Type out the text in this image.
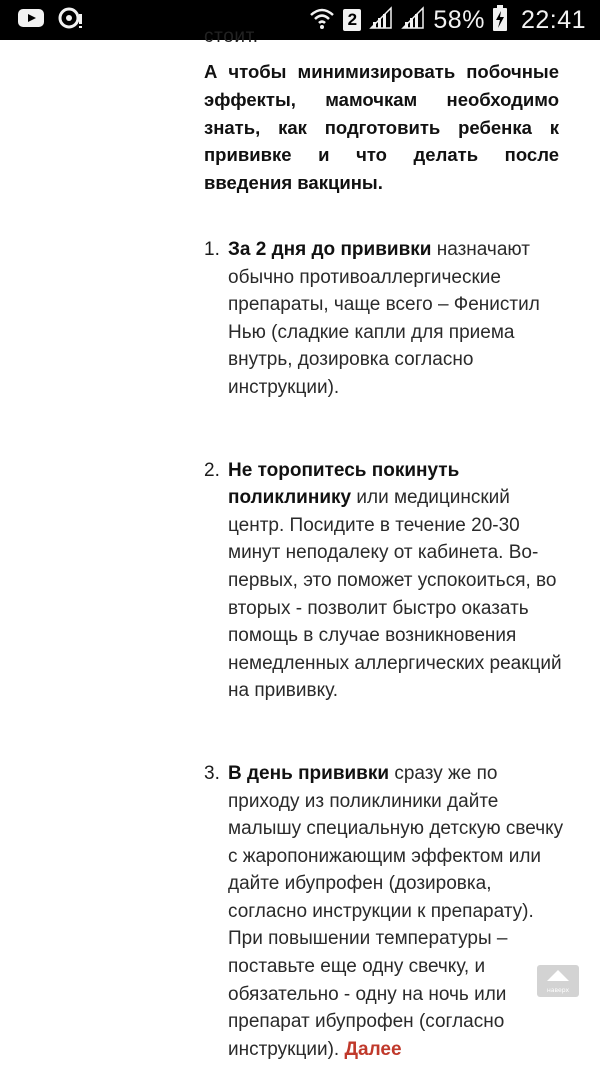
2	58% 22:41
стоит.

А чтобы минимизировать побочные эффекты, мамочкам необходимо знать, как подготовить ребенка к прививке и что делать после введения вакцины.

1. За 2 дня до прививки назначают обычно противоаллергические препараты, чаще всего – Фенистил Нью (сладкие капли для приема внутрь, дозировка согласно инструкции).

2. Не торопитесь покинуть поликлинику или медицинский центр. Посидите в течение 20-30 минут неподалеку от кабинета. Во-первых, это поможет успокоиться, во вторых - позволит быстро оказать помощь в случае возникновения немедленных аллергических реакций на прививку.

3. В день прививки сразу же по приходу из поликлиники дайте малышу специальную детскую свечку с жаропонижающим эффектом или дайте ибупрофен (дозировка, согласно инструкции к препарату). При повышении температуры – поставьте еще одну свечку, и обязательно - одну на ночь или препарат ибупрофен (согласно инструкции). Далее

наверх
